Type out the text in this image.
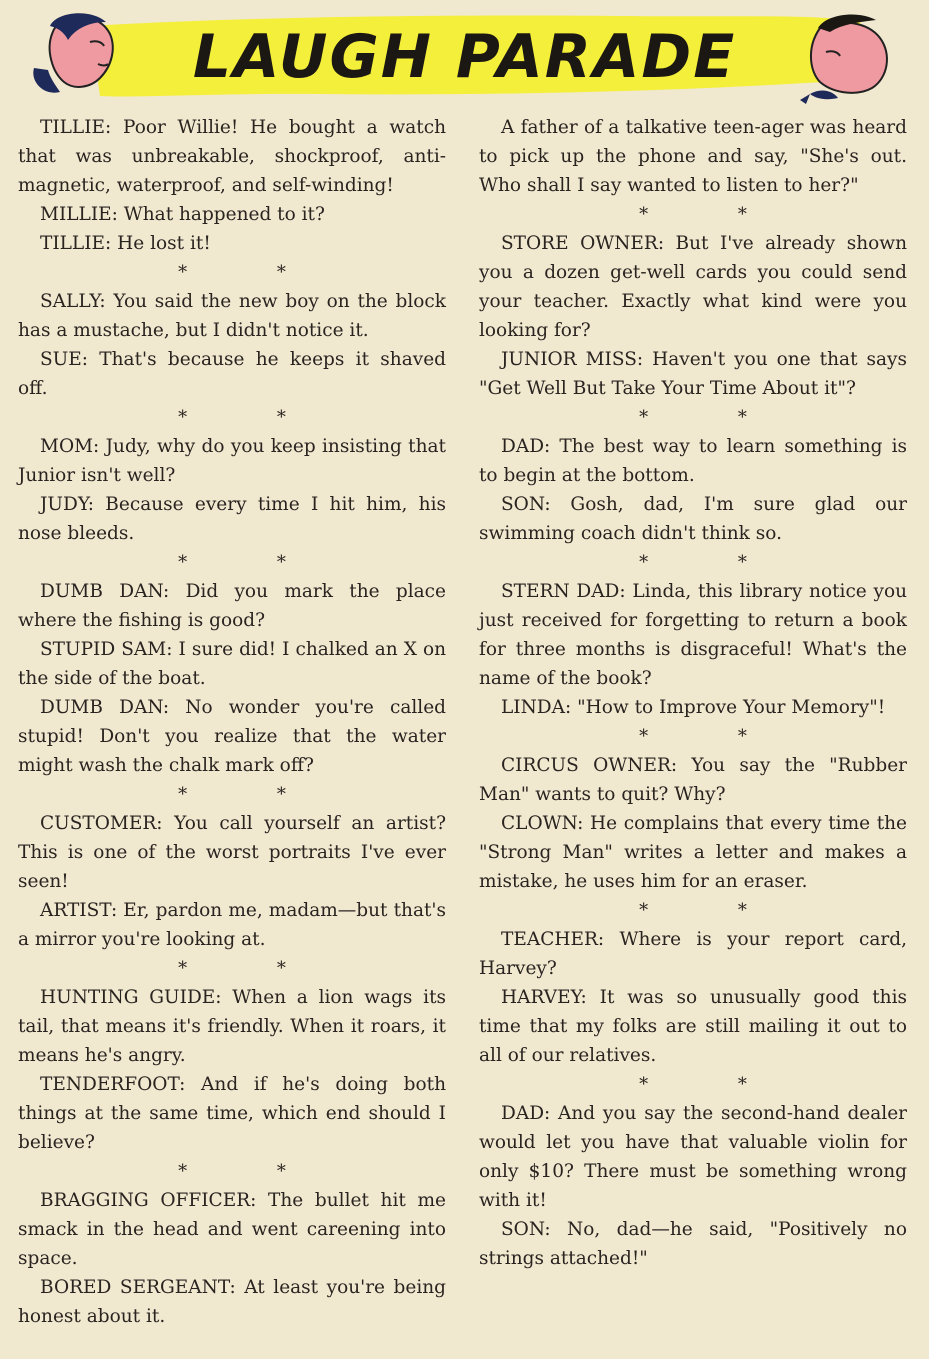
LAUGH PARADE

TILLIE: Poor Willie! He bought a watch that was unbreakable, shockproof, anti-magnetic, waterproof, and self-winding!

MILLIE: What happened to it?

TILLIE: He lost it!

* *

SALLY: You said the new boy on the block has a mustache, but I didn't notice it.

SUE: That's because he keeps it shaved off.

* *

MOM: Judy, why do you keep insisting that Junior isn't well?

JUDY: Because every time I hit him, his nose bleeds.

* *

DUMB DAN: Did you mark the place where the fishing is good?

STUPID SAM: I sure did! I chalked an X on the side of the boat.

DUMB DAN: No wonder you're called stupid! Don't you realize that the water might wash the chalk mark off?

* *

CUSTOMER: You call yourself an artist? This is one of the worst portraits I've ever seen!

ARTIST: Er, pardon me, madam—but that's a mirror you're looking at.

* *

HUNTING GUIDE: When a lion wags its tail, that means it's friendly. When it roars, it means he's angry.

TENDERFOOT: And if he's doing both things at the same time, which end should I believe?

* *

BRAGGING OFFICER: The bullet hit me smack in the head and went careening into space.

BORED SERGEANT: At least you're being honest about it.

A father of a talkative teen-ager was heard to pick up the phone and say, "She's out. Who shall I say wanted to listen to her?"

* *

STORE OWNER: But I've already shown you a dozen get-well cards you could send your teacher. Exactly what kind were you looking for?

JUNIOR MISS: Haven't you one that says "Get Well But Take Your Time About it"?

* *

DAD: The best way to learn something is to begin at the bottom.

SON: Gosh, dad, I'm sure glad our swimming coach didn't think so.

* *

STERN DAD: Linda, this library notice you just received for forgetting to return a book for three months is disgraceful! What's the name of the book?

LINDA: "How to Improve Your Memory"!

* *

CIRCUS OWNER: You say the "Rubber Man" wants to quit? Why?

CLOWN: He complains that every time the "Strong Man" writes a letter and makes a mistake, he uses him for an eraser.

* *

TEACHER: Where is your report card, Harvey?

HARVEY: It was so unusually good this time that my folks are still mailing it out to all of our relatives.

* *

DAD: And you say the second-hand dealer would let you have that valuable violin for only $10? There must be something wrong with it!

SON: No, dad—he said, "Positively no strings attached!"
